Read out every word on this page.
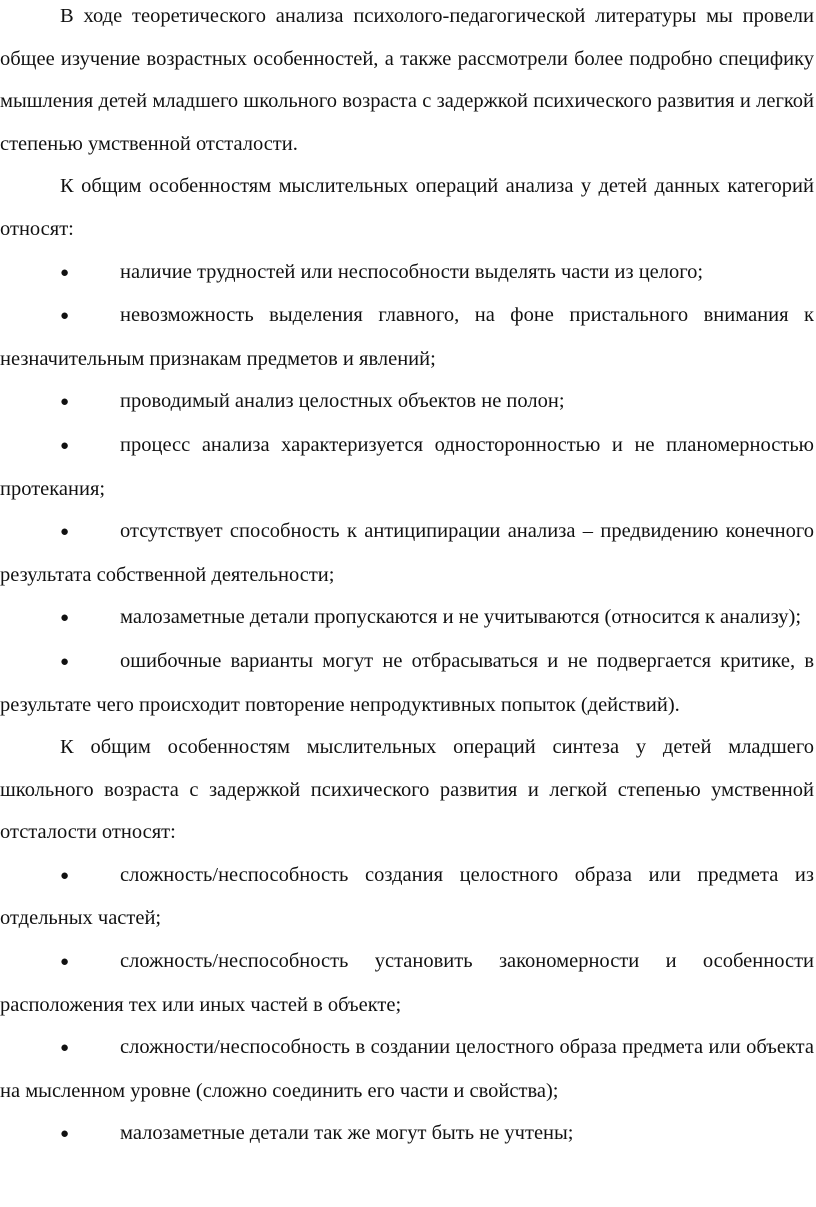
В ходе теоретического анализа психолого-педагогической литературы мы провели общее изучение возрастных особенностей, а также рассмотрели более подробно специфику мышления детей младшего школьного возраста с задержкой психического развития и легкой степенью умственной отсталости.

К общим особенностям мыслительных операций анализа у детей данных категорий относят:

● наличие трудностей или неспособности выделять части из целого;

● невозможность выделения главного, на фоне пристального внимания к незначительным признакам предметов и явлений;

● проводимый анализ целостных объектов не полон;

● процесс анализа характеризуется односторонностью и не планомерностью протекания;

● отсутствует способность к антиципирации анализа – предвидению конечного результата собственной деятельности;

● малозаметные детали пропускаются и не учитываются (относится к анализу);

● ошибочные варианты могут не отбрасываться и не подвергается критике, в результате чего происходит повторение непродуктивных попыток (действий).

К общим особенностям мыслительных операций синтеза у детей младшего школьного возраста с задержкой психического развития и легкой степенью умственной отсталости относят:

● сложность/неспособность создания целостного образа или предмета из отдельных частей;

● сложность/неспособность установить закономерности и особенности расположения тех или иных частей в объекте;

● сложности/неспособность в создании целостного образа предмета или объекта на мысленном уровне (сложно соединить его части и свойства);

● малозаметные детали так же могут быть не учтены;
